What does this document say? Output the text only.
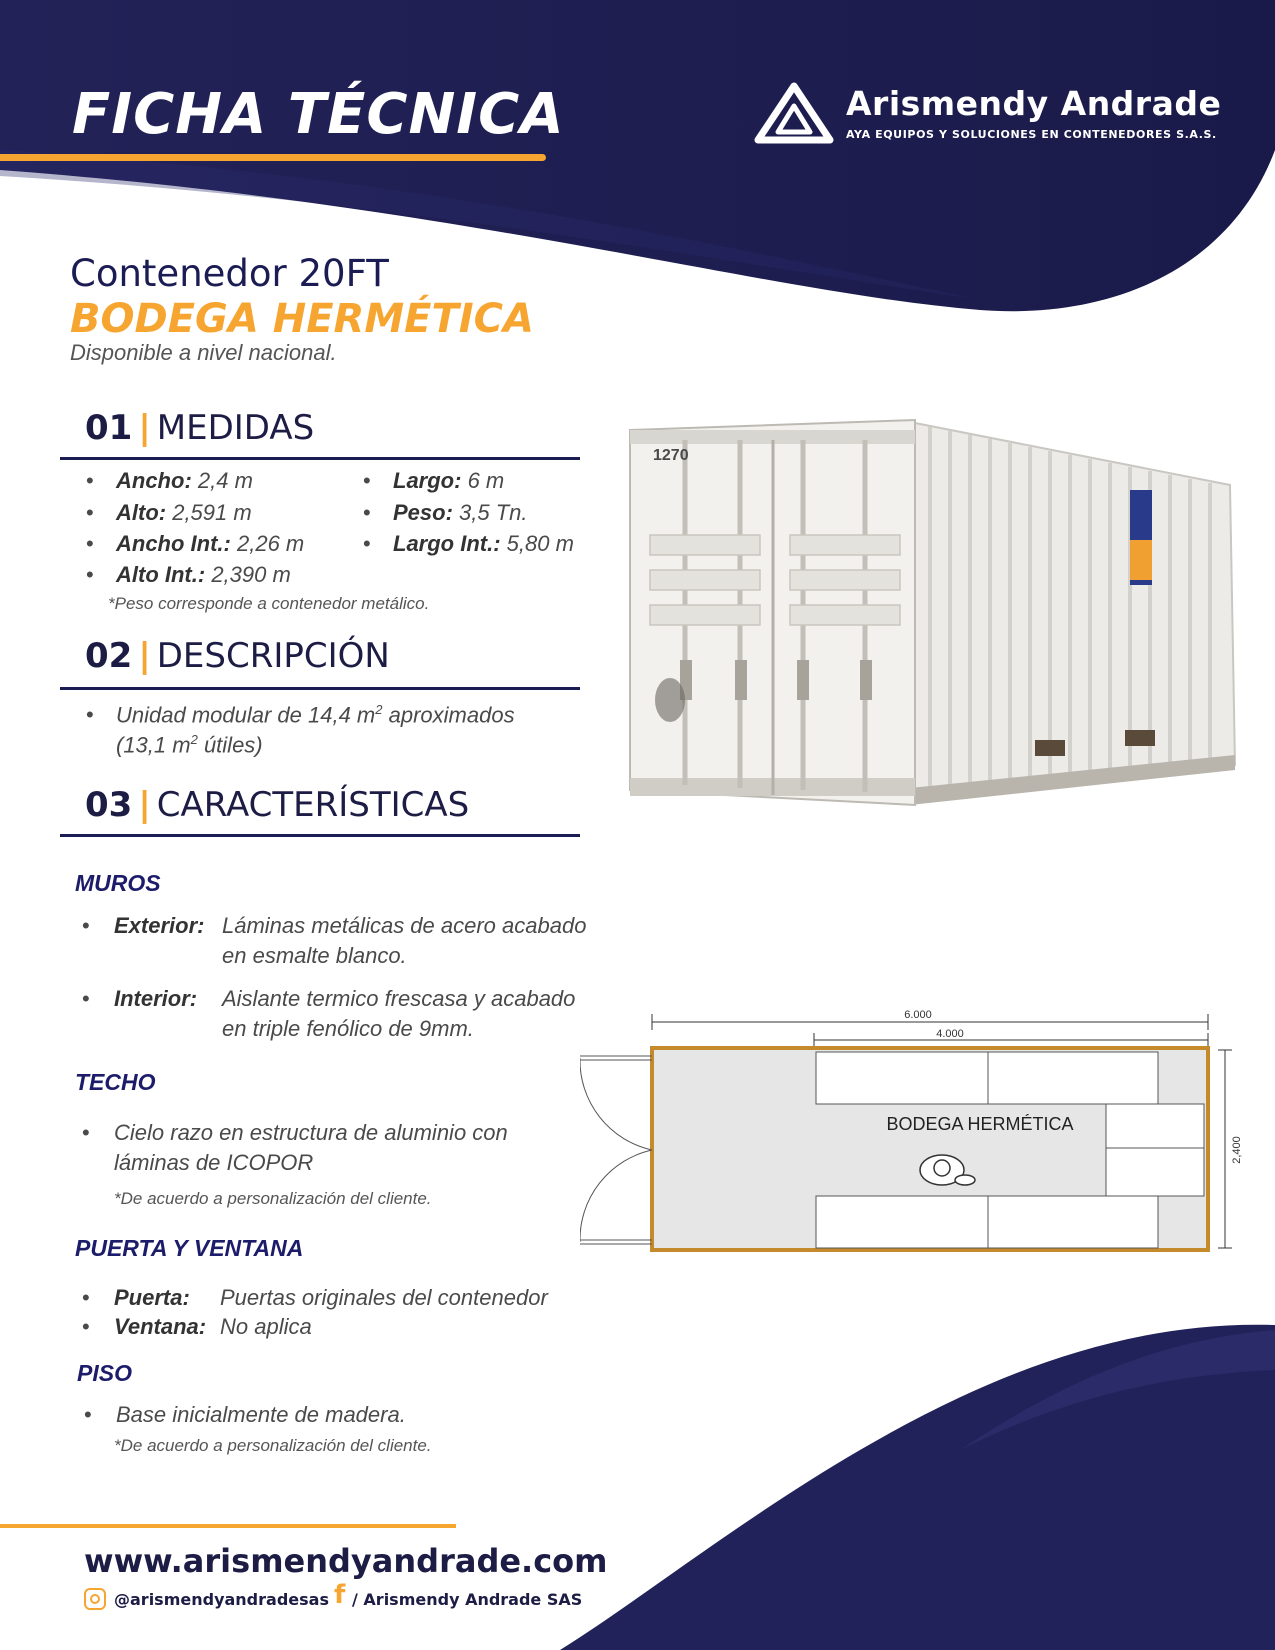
FICHA TÉCNICA	Arismendy Andrade
AYA EQUIPOS Y SOLUCIONES EN CONTENEDORES S.A.S.
Contenedor 20FT
BODEGA HERMÉTICA
Disponible a nivel nacional.
01 | MEDIDAS
• Ancho: 2,4 m
• Alto: 2,591 m
• Ancho Int.: 2,26 m
• Alto Int.: 2,390 m
• Largo: 6 m
• Peso: 3,5 Tn.
• Largo Int.: 5,80 m
*Peso corresponde a contenedor metálico.
02 | DESCRIPCIÓN
• Unidad modular de 14,4 $m^2$ aproximados
(13,1 $m^2$ útiles)
03 | CARACTERÍSTICAS
MUROS
• Exterior: Láminas metálicas de acero acabado
en esmalte blanco.
• Interior: Aislante termico frescasa y acabado
en triple fenólico de 9mm.
TECHO
• Cielo razo en estructura de aluminio con
láminas de ICOPOR
*De acuerdo a personalización del cliente.
PUERTA Y VENTANA
• Puerta: Puertas originales del contenedor
• Ventana: No aplica
PISO
• Base inicialmente de madera.
*De acuerdo a personalización del cliente.
1270
6.000
4.000
2,400
BODEGA HERMÉTICA
www.arismendyandrade.com
@arismendyandradesas f / Arismendy Andrade SAS
